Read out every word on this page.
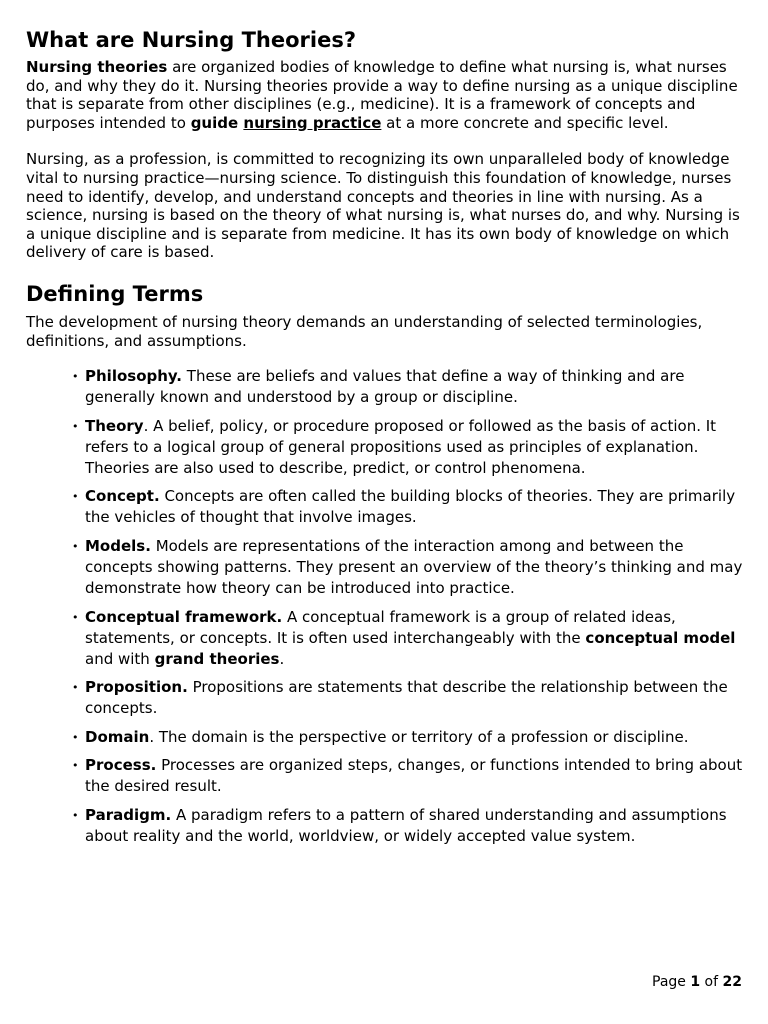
What are Nursing Theories?

Nursing theories are organized bodies of knowledge to define what nursing is, what nurses do, and why they do it. Nursing theories provide a way to define nursing as a unique discipline that is separate from other disciplines (e.g., medicine). It is a framework of concepts and purposes intended to guide nursing practice at a more concrete and specific level.

Nursing, as a profession, is committed to recognizing its own unparalleled body of knowledge vital to nursing practice—nursing science. To distinguish this foundation of knowledge, nurses need to identify, develop, and understand concepts and theories in line with nursing. As a science, nursing is based on the theory of what nursing is, what nurses do, and why. Nursing is a unique discipline and is separate from medicine. It has its own body of knowledge on which delivery of care is based.

Defining Terms

The development of nursing theory demands an understanding of selected terminologies, definitions, and assumptions.

• Philosophy. These are beliefs and values that define a way of thinking and are generally known and understood by a group or discipline.
• Theory. A belief, policy, or procedure proposed or followed as the basis of action. It refers to a logical group of general propositions used as principles of explanation. Theories are also used to describe, predict, or control phenomena.
• Concept. Concepts are often called the building blocks of theories. They are primarily the vehicles of thought that involve images.
• Models. Models are representations of the interaction among and between the concepts showing patterns. They present an overview of the theory’s thinking and may demonstrate how theory can be introduced into practice.
• Conceptual framework. A conceptual framework is a group of related ideas, statements, or concepts. It is often used interchangeably with the conceptual model and with grand theories.
• Proposition. Propositions are statements that describe the relationship between the concepts.
• Domain. The domain is the perspective or territory of a profession or discipline.
• Process. Processes are organized steps, changes, or functions intended to bring about the desired result.
• Paradigm. A paradigm refers to a pattern of shared understanding and assumptions about reality and the world, worldview, or widely accepted value system.
Page 1 of 22
